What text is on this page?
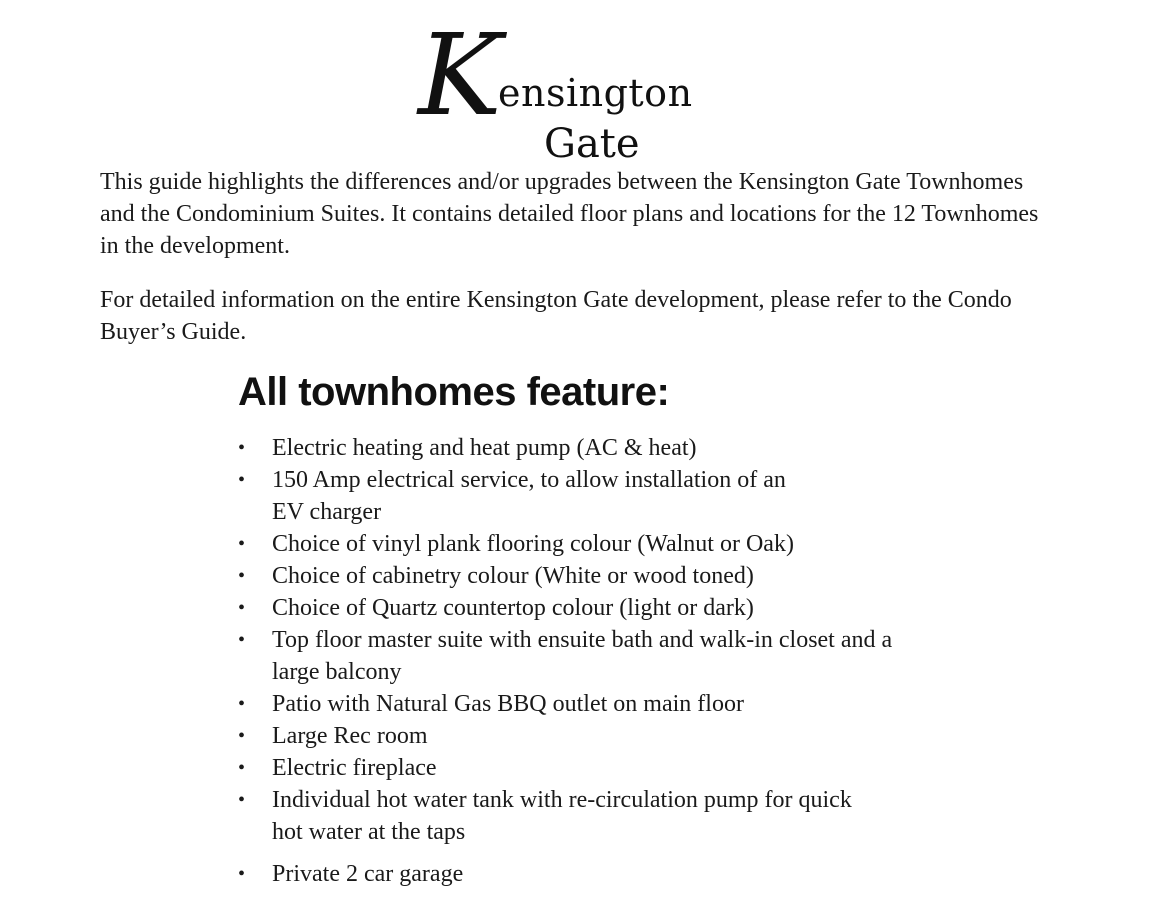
K
ensington
Gate

This guide highlights the differences and/or upgrades between the Kensington Gate Townhomes and the Condominium Suites. It contains detailed floor plans and locations for the 12 Townhomes in the development.

For detailed information on the entire Kensington Gate development, please refer to the Condo Buyer’s Guide.

All townhomes feature:
• Electric heating and heat pump (AC & heat)
• 150 Amp electrical service, to allow installation of an EV charger
• Choice of vinyl plank flooring colour (Walnut or Oak)
• Choice of cabinetry colour (White or wood toned)
• Choice of Quartz countertop colour (light or dark)
• Top floor master suite with ensuite bath and walk-in closet and a large balcony
• Patio with Natural Gas BBQ outlet on main floor
• Large Rec room
• Electric fireplace
• Individual hot water tank with re-circulation pump for quick hot water at the taps
• Private 2 car garage
